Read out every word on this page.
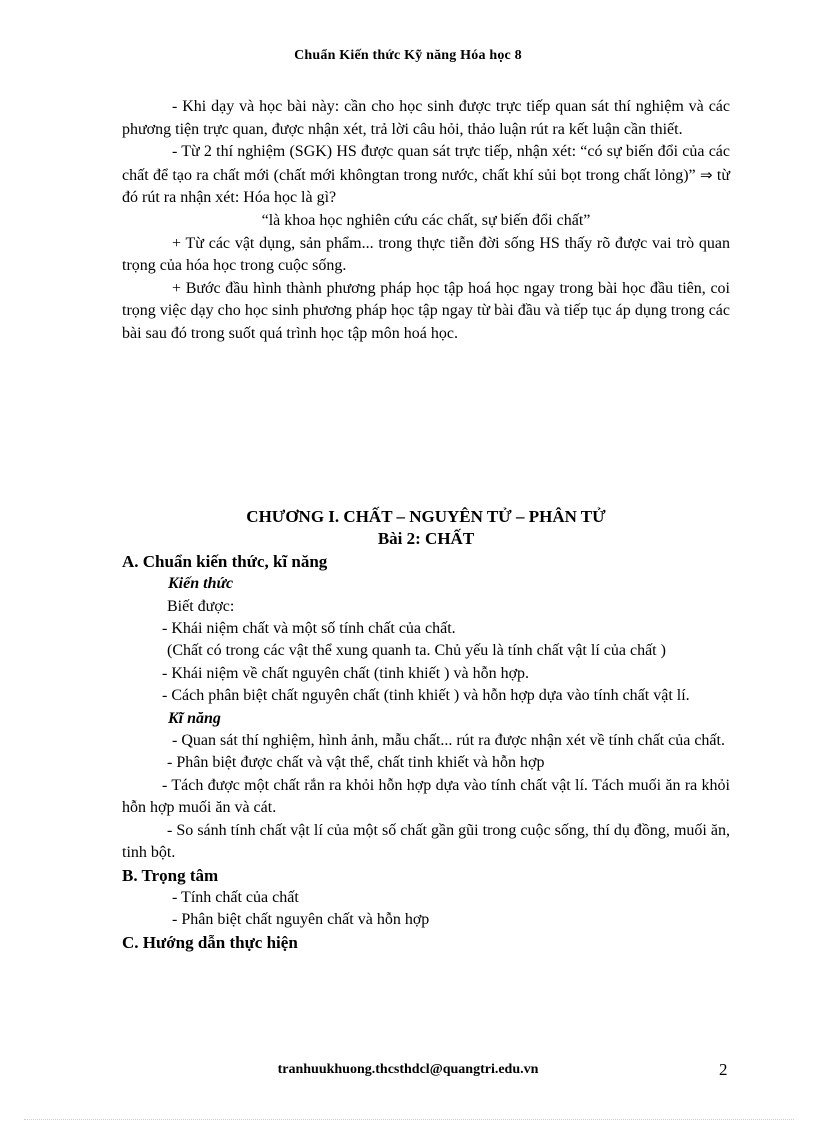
Chuẩn Kiến thức Kỹ năng Hóa học 8

- Khi dạy và học bài này: cần cho học sinh được trực tiếp quan sát thí nghiệm và các phương tiện trực quan, được nhận xét, trả lời câu hỏi, thảo luận rút ra kết luận cần thiết.

- Từ 2 thí nghiệm (SGK) HS được quan sát trực tiếp, nhận xét: “có sự biến đổi của các chất để tạo ra chất mới (chất mới khôngtan trong nước, chất khí sủi bọt trong chất lỏng)” ⇒ từ đó rút ra nhận xét: Hóa học là gì?

“là khoa học nghiên cứu các chất, sự biến đổi chất”

+ Từ các vật dụng, sản phẩm... trong thực tiễn đời sống HS thấy rõ được vai trò quan trọng của hóa học trong cuộc sống.

+ Bước đầu hình thành phương pháp học tập hoá học ngay trong bài học đầu tiên, coi trọng việc dạy cho học sinh phương pháp học tập ngay từ bài đầu và tiếp tục áp dụng trong các bài sau đó trong suốt quá trình học tập môn hoá học.

CHƯƠNG I. CHẤT – NGUYÊN TỬ – PHÂN TỬ

Bài 2: CHẤT

A. Chuẩn kiến thức, kĩ năng

Kiến thức

Biết được:

- Khái niệm chất và một số tính chất của chất.

(Chất có trong các vật thể xung quanh ta. Chủ yếu là tính chất vật lí của chất )

- Khái niệm về chất nguyên chất (tinh khiết ) và hỗn hợp.

- Cách phân biệt chất nguyên chất (tinh khiết ) và hỗn hợp dựa vào tính chất vật lí.

Kĩ năng

- Quan sát thí nghiệm, hình ảnh, mẫu chất... rút ra được nhận xét về tính chất của chất.

- Phân biệt được chất và vật thể, chất tinh khiết và hỗn hợp

- Tách được một chất rắn ra khỏi hỗn hợp dựa vào tính chất vật lí. Tách muối ăn ra khỏi hỗn hợp muối ăn và cát.

- So sánh tính chất vật lí của một số chất gần gũi trong cuộc sống, thí dụ đồng, muối ăn, tinh bột.

B. Trọng tâm

- Tính chất của chất

- Phân biệt chất nguyên chất và hỗn hợp

C. Hướng dẫn thực hiện

tranhuukhuong.thcsthdcl@quangtri.edu.vn	2
